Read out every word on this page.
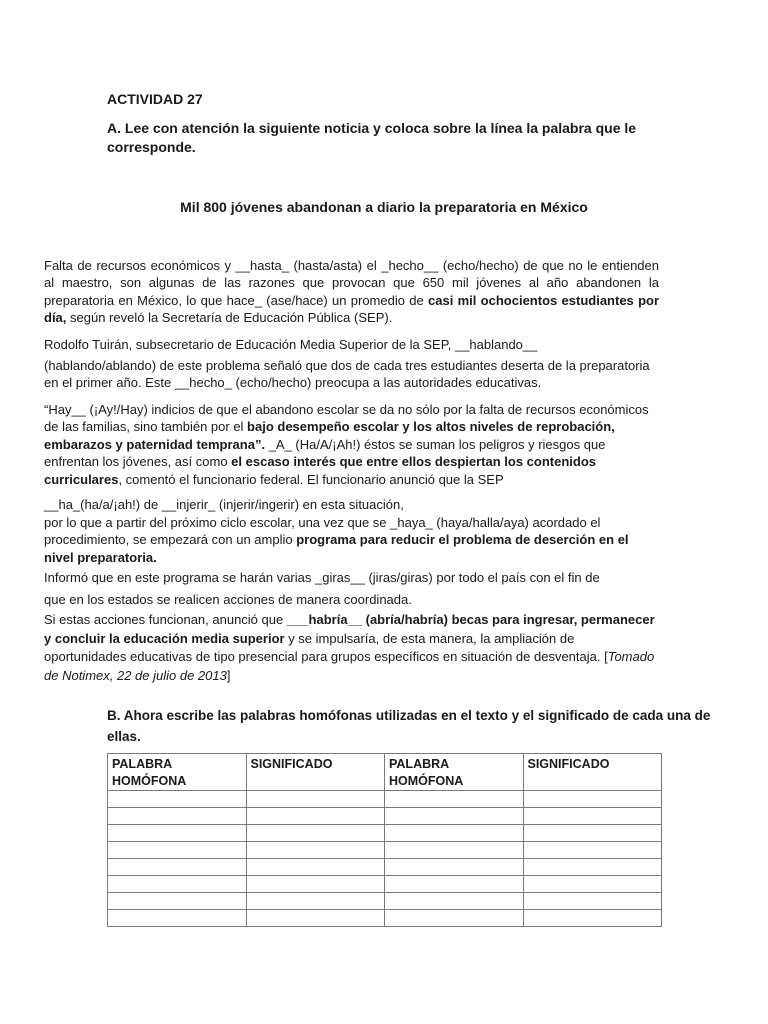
ACTIVIDAD 27
A. Lee con atención la siguiente noticia y coloca sobre la línea la palabra que le corresponde.
Mil 800 jóvenes abandonan a diario la preparatoria en México
Falta de recursos económicos y __hasta_ (hasta/asta) el _hecho__ (echo/hecho) de que no le entienden al maestro, son algunas de las razones que provocan que 650 mil jóvenes al año abandonen la preparatoria en México, lo que hace_ (ase/hace) un promedio de casi mil ochocientos estudiantes por día, según reveló la Secretaría de Educación Pública (SEP).
Rodolfo Tuirán, subsecretario de Educación Media Superior de la SEP, __hablando__
(hablando/ablando) de este problema señaló que dos de cada tres estudiantes deserta de la preparatoria en el primer año. Este __hecho_ (echo/hecho) preocupa a las autoridades educativas.
“Hay__ (¡Ay!/Hay) indicios de que el abandono escolar se da no sólo por la falta de recursos económicos de las familias, sino también por el bajo desempeño escolar y los altos niveles de reprobación, embarazos y paternidad temprana”. _A_ (Ha/A/¡Ah!) éstos se suman los peligros y riesgos que enfrentan los jóvenes, así como el escaso interés que entre ellos despiertan los contenidos curriculares, comentó el funcionario federal. El funcionario anunció que la SEP
__ha_(ha/a/¡ah!) de __injerir_ (injerir/ingerir) en esta situación,
por lo que a partir del próximo ciclo escolar, una vez que se _haya_ (haya/halla/aya) acordado el procedimiento, se empezará con un amplio programa para reducir el problema de deserción en el nivel preparatoria.
Informó que en este programa se harán varias _giras__ (jiras/giras) por todo el país con el fin de
que en los estados se realicen acciones de manera coordinada.
Si estas acciones funcionan, anunció que ___habría__ (abría/habría) becas para ingresar, permanecer y concluir la educación media superior y se impulsaría, de esta manera, la ampliación de oportunidades educativas de tipo presencial para grupos específicos en situación de desventaja. [Tomado de Notimex, 22 de julio de 2013]
B. Ahora escribe las palabras homófonas utilizadas en el texto y el significado de cada una de ellas.
PALABRA HOMÓFONA	SIGNIFICADO	PALABRA HOMÓFONA	SIGNIFICADO
